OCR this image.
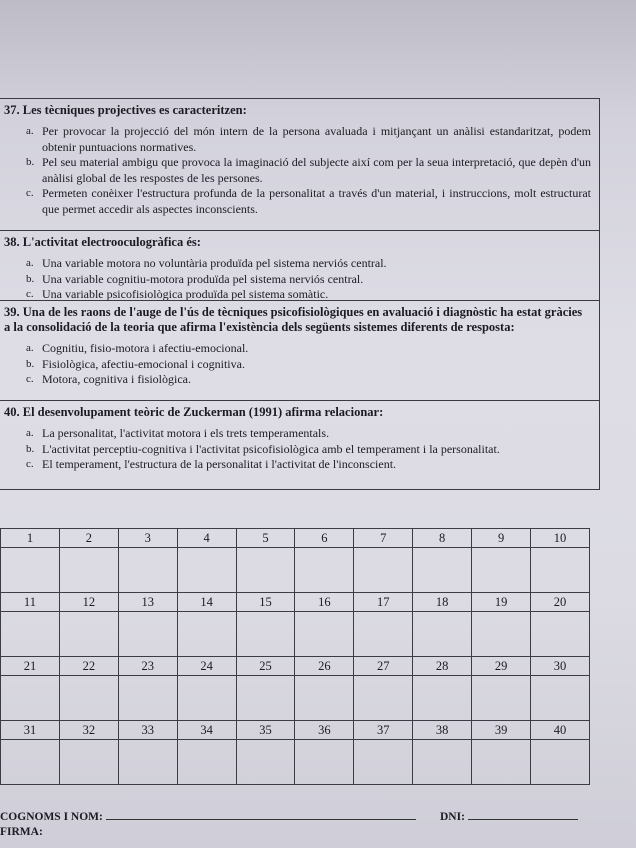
37. Les tècniques projectives es caracteritzen:
a. Per provocar la projecció del món intern de la persona avaluada i mitjançant un anàlisi estandaritzat, podem obtenir puntuacions normatives.
b. Pel seu material ambigu que provoca la imaginació del subjecte així com per la seua interpretació, que depèn d'un anàlisi global de les respostes de les persones.
c. Permeten conèixer l'estructura profunda de la personalitat a través d'un material, i instruccions, molt estructurat que permet accedir als aspectes inconscients.
38. L'activitat electrooculogràfica és:
a. Una variable motora no voluntària produïda pel sistema nerviós central.
b. Una variable cognitiu-motora produïda pel sistema nerviós central.
c. Una variable psicofisiològica produïda pel sistema somàtic.
39. Una de les raons de l'auge de l'ús de tècniques psicofisiològiques en avaluació i diagnòstic ha estat gràcies a la consolidació de la teoria que afirma l'existència dels següents sistemes diferents de resposta:
a. Cognitiu, fisio-motora i afectiu-emocional.
b. Fisiològica, afectiu-emocional i cognitiva.
c. Motora, cognitiva i fisiològica.
40. El desenvolupament teòric de Zuckerman (1991) afirma relacionar:
a. La personalitat, l'activitat motora i els trets temperamentals.
b. L'activitat perceptiu-cognitiva i l'activitat psicofisiològica amb el temperament i la personalitat.
c. El temperament, l'estructura de la personalitat i l'activitat de l'inconscient.
1	2	3	4	5	6	7	8	9	10

11	12	13	14	15	16	17	18	19	20

21	22	23	24	25	26	27	28	29	30

31	32	33	34	35	36	37	38	39	40

COGNOMS I NOM:	DNI:
FIRMA:
